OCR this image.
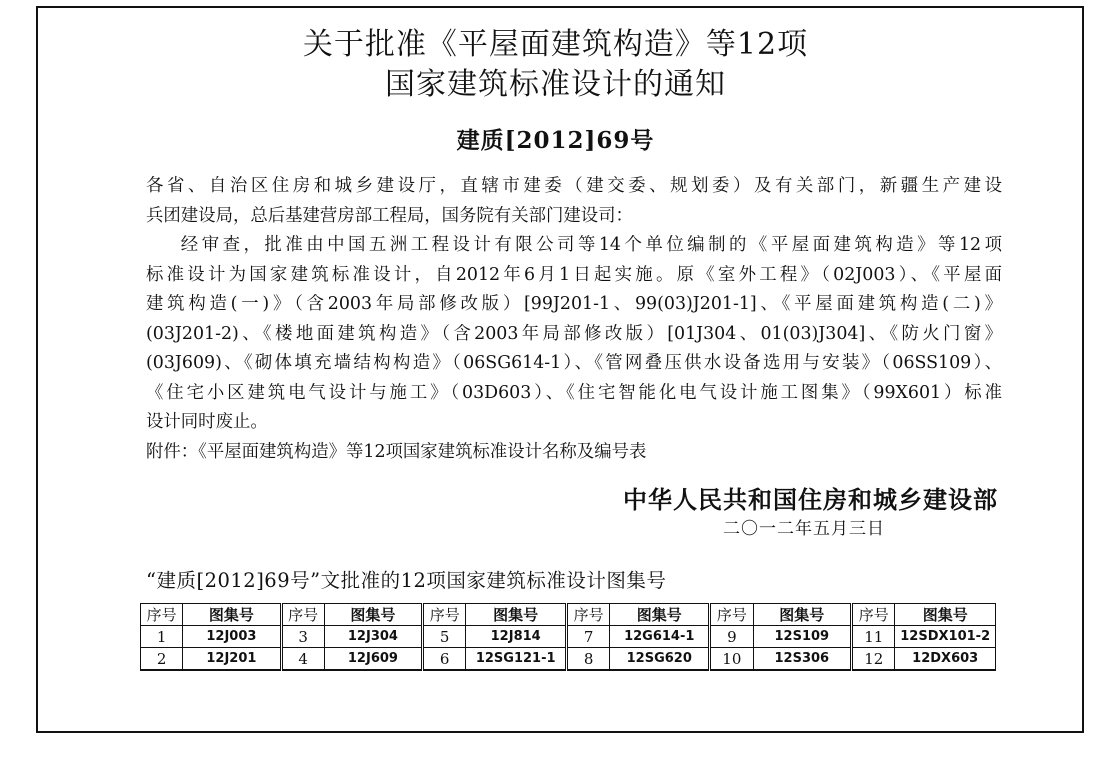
关于批准《平屋面建筑构造》等12项
国家建筑标准设计的通知
建质[2012]69号

各省、自治区住房和城乡建设厅，直辖市建委（建交委、规划委）及有关部门，新疆生产建设

兵团建设局，总后基建营房部工程局，国务院有关部门建设司：

经审查，批准由中国五洲工程设计有限公司等14个单位编制的《平屋面建筑构造》等12项

标准设计为国家建筑标准设计，自2012年6月1日起实施。原《室外工程》（02J003）、《平屋面

建筑构造(一)》（含2003年局部修改版）[99J201-1、99(03)J201-1]、《平屋面建筑构造(二)》

(03J201-2)、《楼地面建筑构造》（含2003年局部修改版）[01J304、01(03)J304]、《防火门窗》

(03J609)、《砌体填充墙结构构造》（06SG614-1）、《管网叠压供水设备选用与安装》（06SS109）、

《住宅小区建筑电气设计与施工》（03D603）、《住宅智能化电气设计施工图集》（99X601）标准

设计同时废止。

附件：《平屋面建筑构造》等12项国家建筑标准设计名称及编号表
中华人民共和国住房和城乡建设部
二〇一二年五月三日
“建质[2012]69号”文批准的12项国家建筑标准设计图集号
序号	图集号	序号	图集号	序号	图集号	序号	图集号	序号	图集号	序号	图集号
1	12J003	3	12J304	5	12J814	7	12G614-1	9	12S109	11	12SDX101-2
2	12J201	4	12J609	6	12SG121-1	8	12SG620	10	12S306	12	12DX603
